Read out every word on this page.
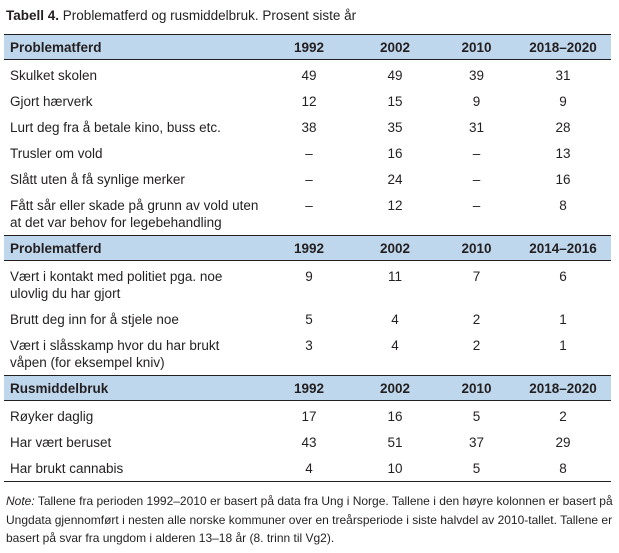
Tabell 4. Problematferd og rusmiddelbruk. Prosent siste år
Problematferd	1992	2002	2010	2018–2020
Skulket skolen	49	49	39	31
Gjort hærverk	12	15	9	9
Lurt deg fra å betale kino, buss etc.	38	35	31	28
Trusler om vold	–	16	–	13
Slått uten å få synlige merker	–	24	–	16
Fått sår eller skade på grunn av vold uten
at det var behov for legebehandling	–	12	–	8
Problematferd	1992	2002	2010	2014–2016
Vært i kontakt med politiet pga. noe
ulovlig du har gjort	9	11	7	6
Brutt deg inn for å stjele noe	5	4	2	1
Vært i slåsskamp hvor du har brukt
våpen (for eksempel kniv)	3	4	2	1
Rusmiddelbruk	1992	2002	2010	2018–2020
Røyker daglig	17	16	5	2
Har vært beruset	43	51	37	29
Har brukt cannabis	4	10	5	8
Note: Tallene fra perioden 1992–2010 er basert på data fra Ung i Norge. Tallene i den høyre kolonnen er basert på Ungdata gjennomført i nesten alle norske kommuner over en treårsperiode i siste halvdel av 2010-tallet. Tallene er basert på svar fra ungdom i alderen 13–18 år (8. trinn til Vg2).
